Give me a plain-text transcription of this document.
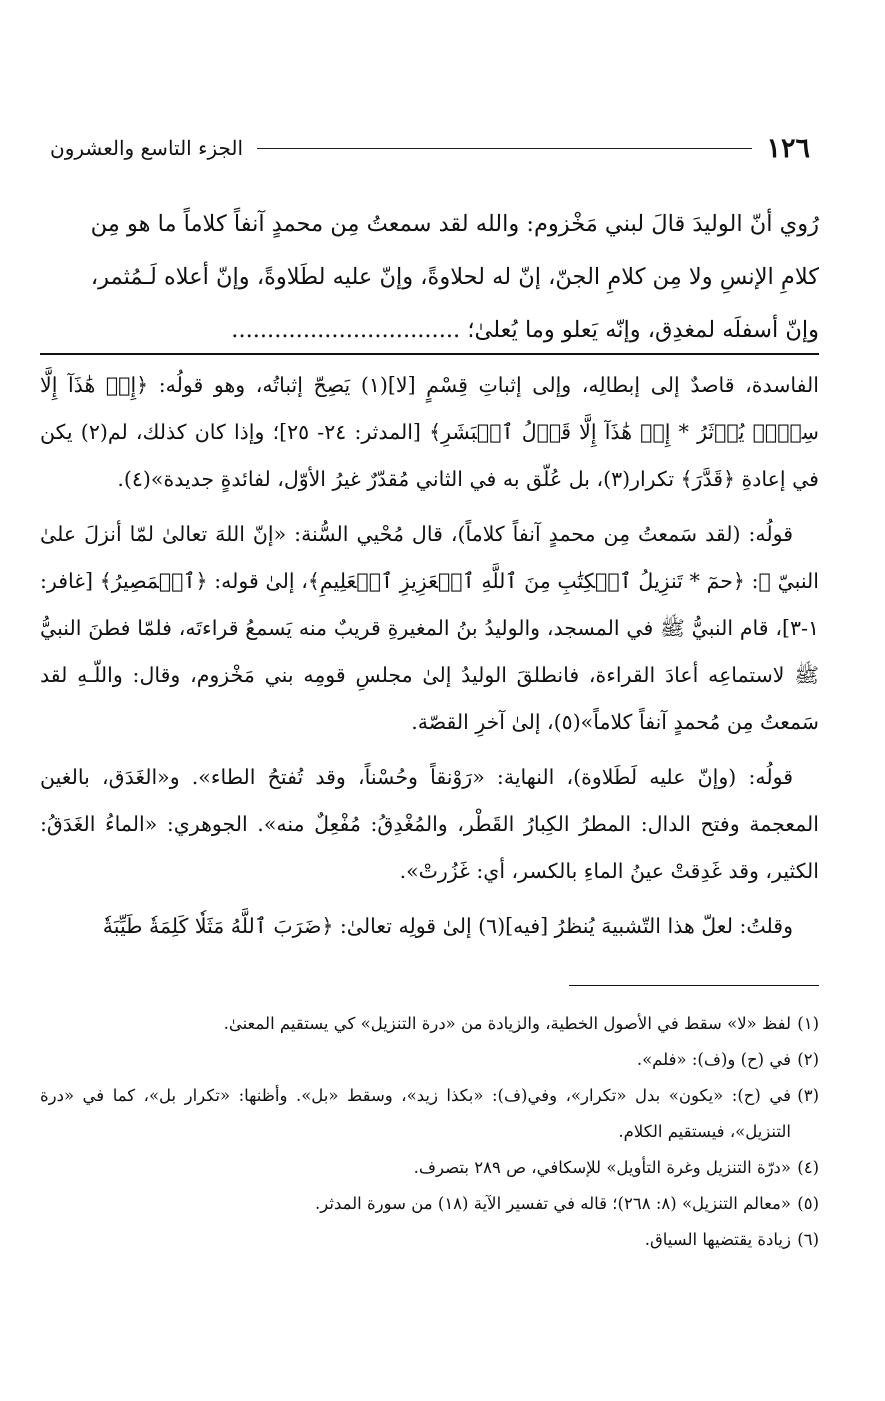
١٢٦
الجزء التاسع والعشرون

رُوي أنّ الوليدَ قالَ لبني مَخْزوم: والله لقد سمعتُ مِن محمدٍ آنفاً كلاماً ما هو مِن

كلامِ الإنسِ ولا مِن كلامِ الجنّ، إنّ له لحلاوةً، وإنّ عليه لطَلاوةً، وإنّ أعلاه لَـمُثمر،

وإنّ أسفلَه لمغدِق، وإنّه يَعلو وما يُعلىٰ؛ ................................

الفاسدة، قاصدٌ إلى إبطالِه، وإلى إثباتِ قِسْمٍ [لا](١) يَصِحّ إثباتُه، وهو قولُه: ﴿إِنۡ هَٰذَآ إِلَّا سِحۡرٞ يُؤۡثَرُ * إِنۡ هَٰذَآ إِلَّا قَوۡلُ ٱلۡبَشَرِ﴾ [المدثر: ٢٤- ٢٥]؛ وإذا كان كذلك، لم(٢) يكن في إعادةِ ﴿قَدَّرَ﴾ تكرار(٣)، بل عُلّق به في الثاني مُقدّرٌ غيرُ الأوّل، لفائدةٍ جديدة»(٤).

قولُه: (لقد سَمعتُ مِن محمدٍ آنفاً كلاماً)، قال مُحْيي السُّنة: «إنّ اللهَ تعالىٰ لمّا أنزلَ علىٰ النبيّ ﷺ: ﴿حمٓ * تَنزِيلُ ٱلۡكِتَٰبِ مِنَ ٱللَّهِ ٱلۡعَزِيزِ ٱلۡعَلِيمِ﴾، إلىٰ قوله: ﴿ٱلۡمَصِيرُ﴾ [غافر: ١-٣]، قام النبيُّ ﷺ في المسجد، والوليدُ بنُ المغيرةِ قريبٌ منه يَسمعُ قراءتَه، فلمّا فطنَ النبيُّ ﷺ لاستماعِه أعادَ القراءة، فانطلقَ الوليدُ إلىٰ مجلسِ قومِه بني مَخْزوم، وقال: واللّـهِ لقد سَمعتُ مِن مُحمدٍ آنفاً كلاماً»(٥)، إلىٰ آخرِ القصّة.

قولُه: (وإنّ عليه لَطَلاوة)، النهاية: «رَوْنقاً وحُسْناً، وقد تُفتحُ الطاء». و«الغَدَق، بالغين المعجمة وفتح الدال: المطرُ الكِبارُ القَطْر، والمُغْدِقُ: مُفْعِلٌ منه». الجوهري: «الماءُ الغَدَقُ: الكثير، وقد غَدِقتْ عينُ الماءِ بالكسر، أي: غَزُرتْ».

وقلتُ: لعلّ هذا التّشبيهَ يُنظرُ [فيه](٦) إلىٰ قولِه تعالىٰ: ﴿ضَرَبَ ٱللَّهُ مَثَلٗا كَلِمَةٗ طَيِّبَةٗ

(١)لفظ «لا» سقط في الأصول الخطية، والزيادة من «درة التنزيل» كي يستقيم المعنىٰ.

(٢)في (ح) و(ف): «فلم».

(٣)في (ح): «يكون» بدل «تكرار»، وفي(ف): «بكذا زيد»، وسقط «بل». وأظنها: «تكرار بل»، كما في «درة التنزيل»، فيستقيم الكلام.

(٤)«درّة التنزيل وغرة التأويل» للإسكافي، ص ٢٨٩ بتصرف.

(٥)«معالم التنزيل» (٨: ٢٦٨)؛ قاله في تفسير الآية (١٨) من سورة المدثر.

(٦)زيادة يقتضيها السياق.
